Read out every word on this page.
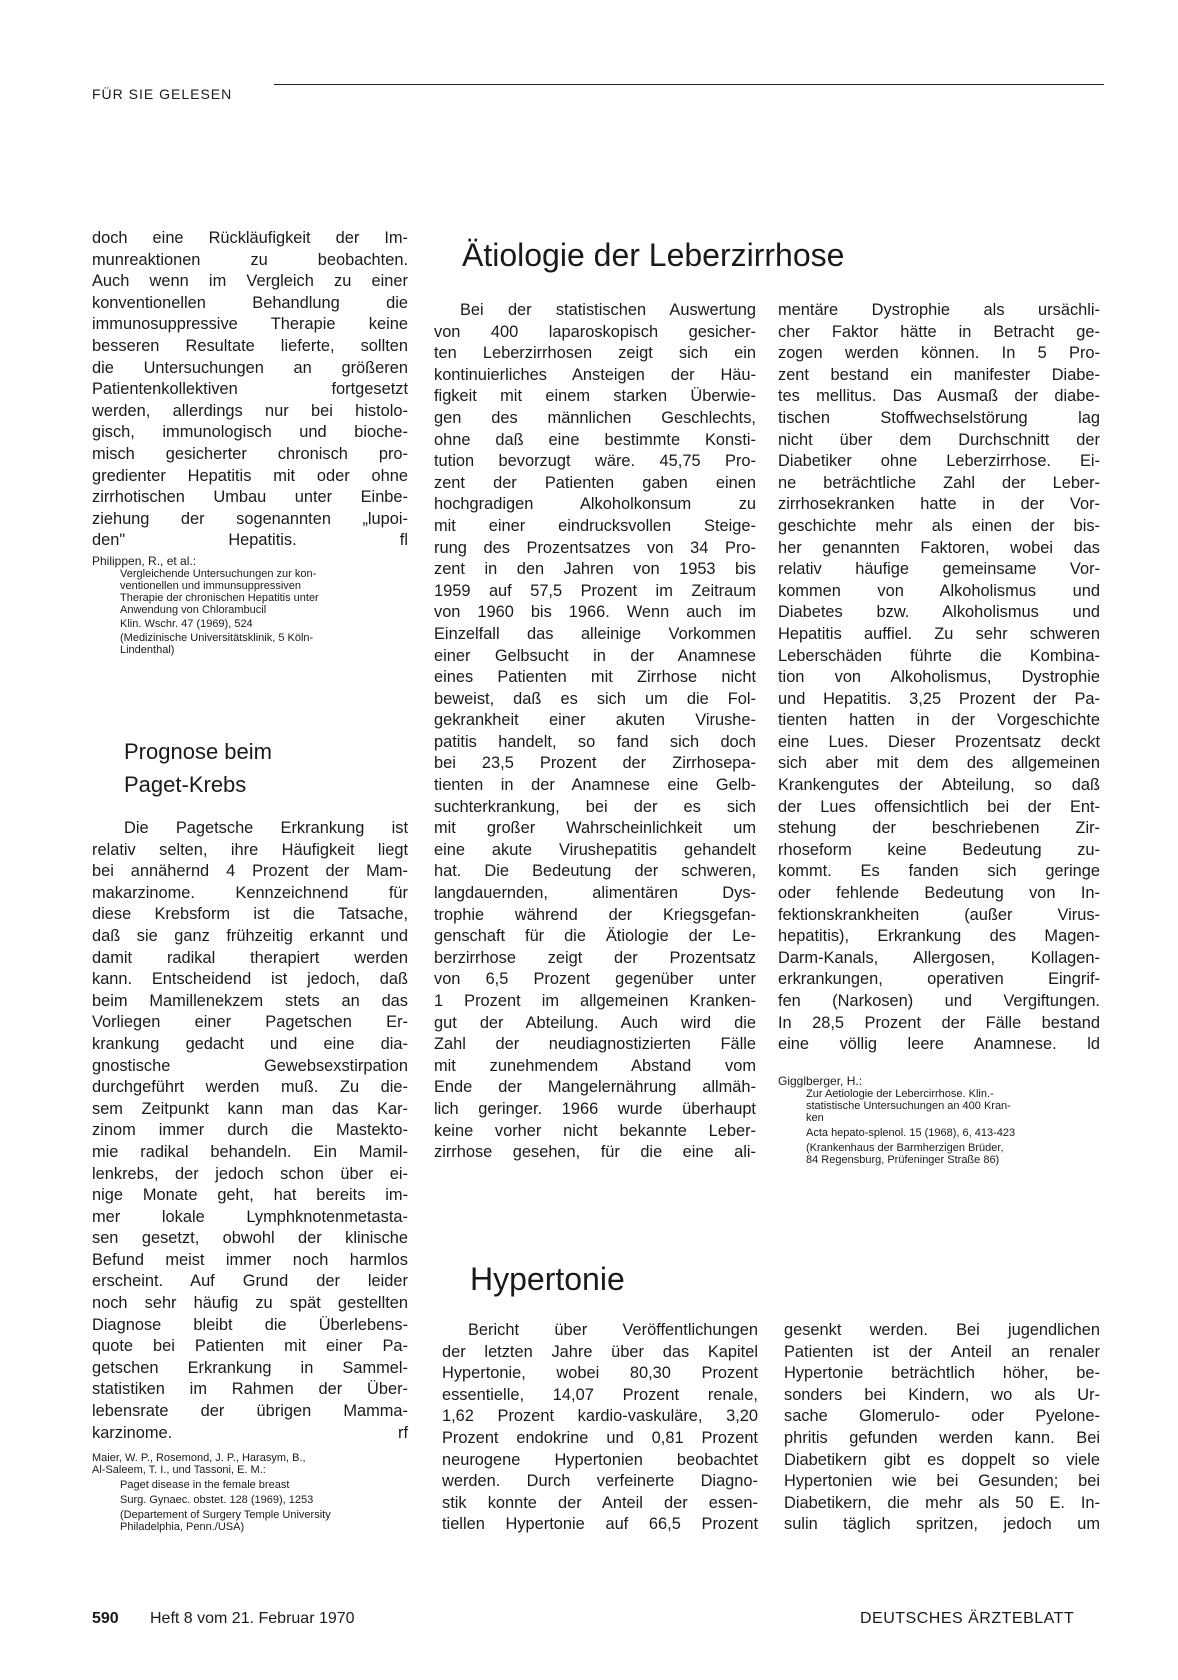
FÜR SIE GELESEN
doch eine Rückläufigkeit der Im-
munreaktionen zu beobachten.
Auch wenn im Vergleich zu einer
konventionellen Behandlung die
immunosuppressive Therapie keine
besseren Resultate lieferte, sollten
die Untersuchungen an größeren
Patientenkollektiven fortgesetzt
werden, allerdings nur bei histolo-
gisch, immunologisch und bioche-
misch gesicherter chronisch pro-
gredienter Hepatitis mit oder ohne
zirrhotischen Umbau unter Einbe-
ziehung der sogenannten „lupoi-
den" Hepatitis. fl
Philippen, R., et al.:
Vergleichende Untersuchungen zur kon-
ventionellen und immunsuppressiven
Therapie der chronischen Hepatitis unter
Anwendung von Chlorambucil
Klin. Wschr. 47 (1969), 524
(Medizinische Universitätsklinik, 5 Köln-
Lindenthal)
Prognose beim
Paget-Krebs
Die Pagetsche Erkrankung ist
relativ selten, ihre Häufigkeit liegt
bei annähernd 4 Prozent der Mam-
makarzinome. Kennzeichnend für
diese Krebsform ist die Tatsache,
daß sie ganz frühzeitig erkannt und
damit radikal therapiert werden
kann. Entscheidend ist jedoch, daß
beim Mamillenekzem stets an das
Vorliegen einer Pagetschen Er-
krankung gedacht und eine dia-
gnostische Gewebsexstirpation
durchgeführt werden muß. Zu die-
sem Zeitpunkt kann man das Kar-
zinom immer durch die Mastekto-
mie radikal behandeln. Ein Mamil-
lenkrebs, der jedoch schon über ei-
nige Monate geht, hat bereits im-
mer lokale Lymphknotenmetasta-
sen gesetzt, obwohl der klinische
Befund meist immer noch harmlos
erscheint. Auf Grund der leider
noch sehr häufig zu spät gestellten
Diagnose bleibt die Überlebens-
quote bei Patienten mit einer Pa-
getschen Erkrankung in Sammel-
statistiken im Rahmen der Über-
lebensrate der übrigen Mamma-
karzinome. rf
Maier, W. P., Rosemond, J. P., Harasym, B.,
Al-Saleem, T. I., und Tassoni, E. M.:
Paget disease in the female breast
Surg. Gynaec. obstet. 128 (1969), 1253
(Departement of Surgery Temple University
Philadelphia, Penn./USA)
Ätiologie der Leberzirrhose
Bei der statistischen Auswertung
von 400 laparoskopisch gesicher-
ten Leberzirrhosen zeigt sich ein
kontinuierliches Ansteigen der Häu-
figkeit mit einem starken Überwie-
gen des männlichen Geschlechts,
ohne daß eine bestimmte Konsti-
tution bevorzugt wäre. 45,75 Pro-
zent der Patienten gaben einen
hochgradigen Alkoholkonsum zu
mit einer eindrucksvollen Steige-
rung des Prozentsatzes von 34 Pro-
zent in den Jahren von 1953 bis
1959 auf 57,5 Prozent im Zeitraum
von 1960 bis 1966. Wenn auch im
Einzelfall das alleinige Vorkommen
einer Gelbsucht in der Anamnese
eines Patienten mit Zirrhose nicht
beweist, daß es sich um die Fol-
gekrankheit einer akuten Virushe-
patitis handelt, so fand sich doch
bei 23,5 Prozent der Zirrhosepa-
tienten in der Anamnese eine Gelb-
suchterkrankung, bei der es sich
mit großer Wahrscheinlichkeit um
eine akute Virushepatitis gehandelt
hat. Die Bedeutung der schweren,
langdauernden, alimentären Dys-
trophie während der Kriegsgefan-
genschaft für die Ätiologie der Le-
berzirrhose zeigt der Prozentsatz
von 6,5 Prozent gegenüber unter
1 Prozent im allgemeinen Kranken-
gut der Abteilung. Auch wird die
Zahl der neudiagnostizierten Fälle
mit zunehmendem Abstand vom
Ende der Mangelernährung allmäh-
lich geringer. 1966 wurde überhaupt
keine vorher nicht bekannte Leber-
zirrhose gesehen, für die eine ali-
mentäre Dystrophie als ursächli-
cher Faktor hätte in Betracht ge-
zogen werden können. In 5 Pro-
zent bestand ein manifester Diabe-
tes mellitus. Das Ausmaß der diabe-
tischen Stoffwechselstörung lag
nicht über dem Durchschnitt der
Diabetiker ohne Leberzirrhose. Ei-
ne beträchtliche Zahl der Leber-
zirrhosekranken hatte in der Vor-
geschichte mehr als einen der bis-
her genannten Faktoren, wobei das
relativ häufige gemeinsame Vor-
kommen von Alkoholismus und
Diabetes bzw. Alkoholismus und
Hepatitis auffiel. Zu sehr schweren
Leberschäden führte die Kombina-
tion von Alkoholismus, Dystrophie
und Hepatitis. 3,25 Prozent der Pa-
tienten hatten in der Vorgeschichte
eine Lues. Dieser Prozentsatz deckt
sich aber mit dem des allgemeinen
Krankengutes der Abteilung, so daß
der Lues offensichtlich bei der Ent-
stehung der beschriebenen Zir-
rhoseform keine Bedeutung zu-
kommt. Es fanden sich geringe
oder fehlende Bedeutung von In-
fektionskrankheiten (außer Virus-
hepatitis), Erkrankung des Magen-
Darm-Kanals, Allergosen, Kollagen-
erkrankungen, operativen Eingrif-
fen (Narkosen) und Vergiftungen.
In 28,5 Prozent der Fälle bestand
eine völlig leere Anamnese. ld
Gigglberger, H.:
Zur Aetiologie der Lebercirrhose. Klin.-
statistische Untersuchungen an 400 Kran-
ken
Acta hepato-splenol. 15 (1968), 6, 413-423
(Krankenhaus der Barmherzigen Brüder,
84 Regensburg, Prüfeninger Straße 86)
Hypertonie
Bericht über Veröffentlichungen
der letzten Jahre über das Kapitel
Hypertonie, wobei 80,30 Prozent
essentielle, 14,07 Prozent renale,
1,62 Prozent kardio-vaskuläre, 3,20
Prozent endokrine und 0,81 Prozent
neurogene Hypertonien beobachtet
werden. Durch verfeinerte Diagno-
stik konnte der Anteil der essen-
tiellen Hypertonie auf 66,5 Prozent
gesenkt werden. Bei jugendlichen
Patienten ist der Anteil an renaler
Hypertonie beträchtlich höher, be-
sonders bei Kindern, wo als Ur-
sache Glomerulo- oder Pyelone-
phritis gefunden werden kann. Bei
Diabetikern gibt es doppelt so viele
Hypertonien wie bei Gesunden; bei
Diabetikern, die mehr als 50 E. In-
sulin täglich spritzen, jedoch um
590 Heft 8 vom 21. Februar 1970	DEUTSCHES ÄRZTEBLATT
